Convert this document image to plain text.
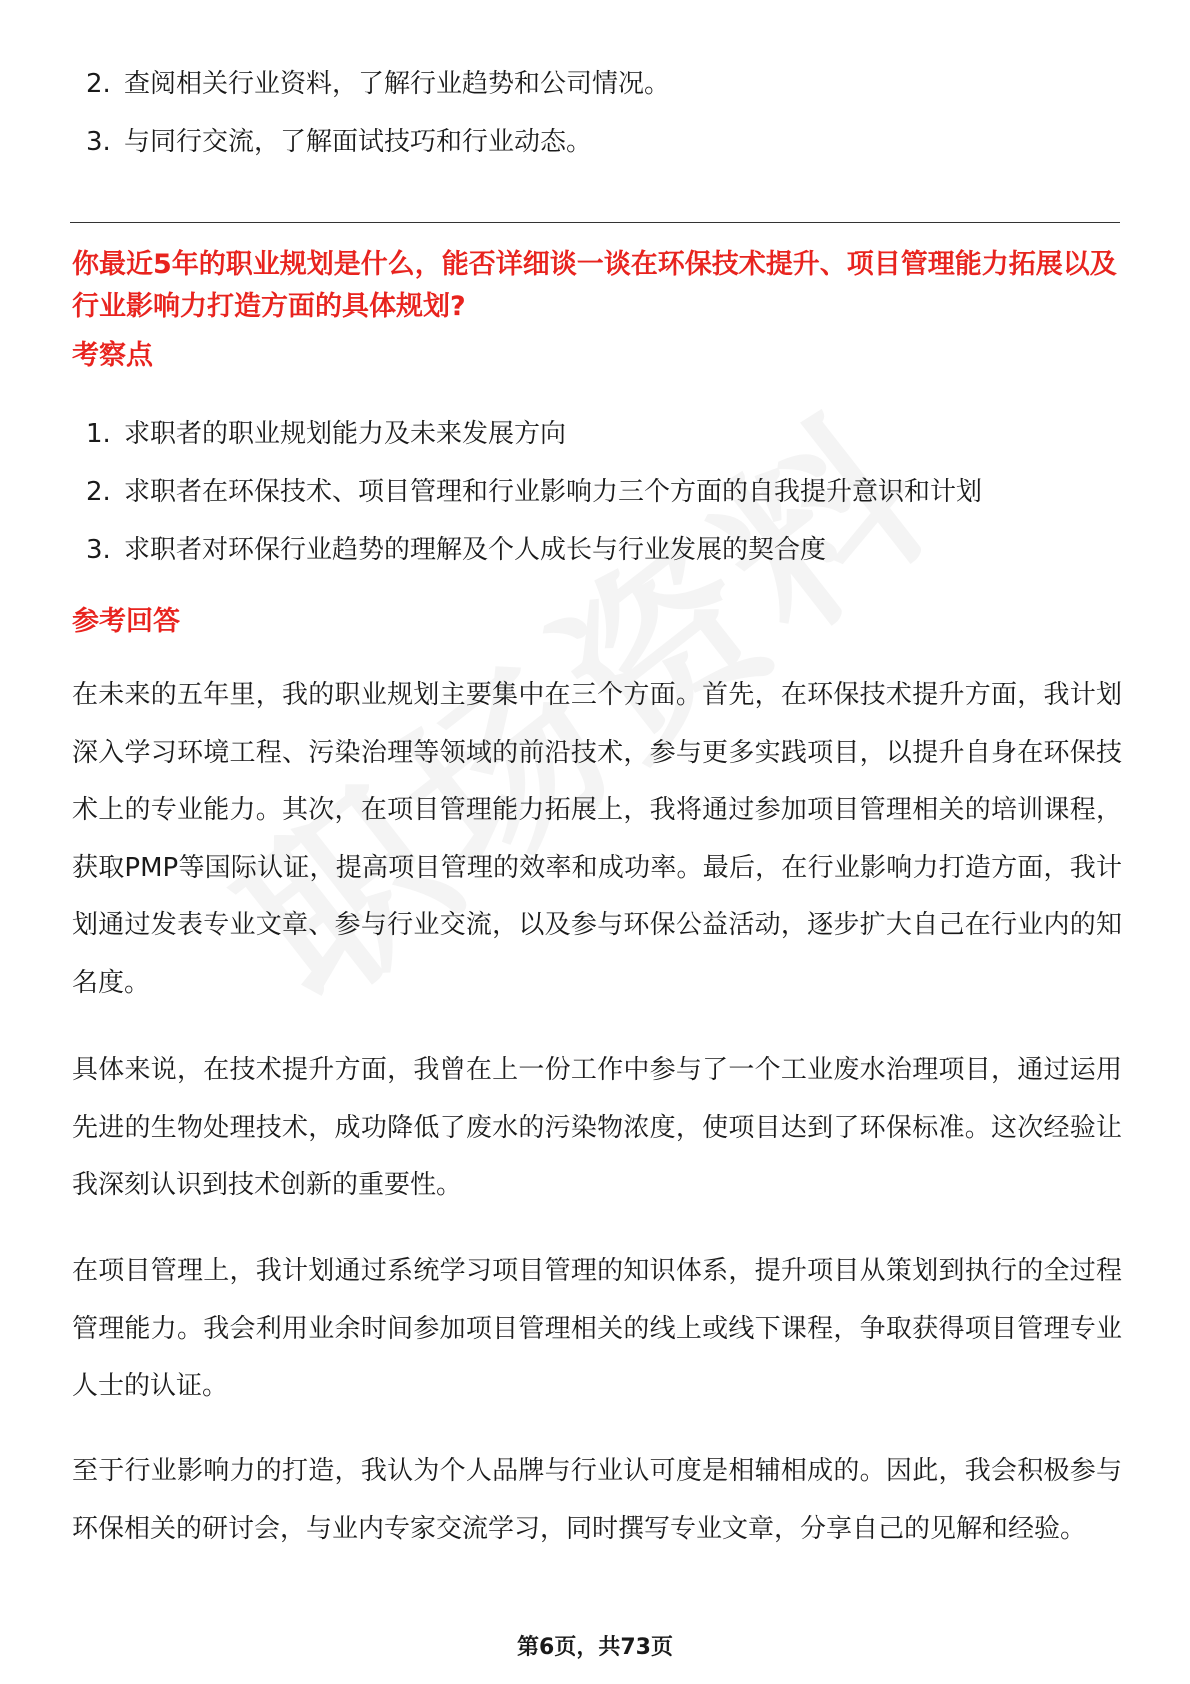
2. 查阅相关行业资料，了解行业趋势和公司情况。
3. 与同行交流，了解面试技巧和行业动态。

你最近5年的职业规划是什么，能否详细谈一谈在环保技术提升、项目管理能力拓展以及行业影响力打造方面的具体规划?

考察点
1. 求职者的职业规划能力及未来发展方向
2. 求职者在环保技术、项目管理和行业影响力三个方面的自我提升意识和计划
3. 求职者对环保行业趋势的理解及个人成长与行业发展的契合度
参考回答

在未来的五年里，我的职业规划主要集中在三个方面。首先，在环保技术提升方面，我计划深入学习环境工程、污染治理等领域的前沿技术，参与更多实践项目，以提升自身在环保技术上的专业能力。其次，在项目管理能力拓展上，我将通过参加项目管理相关的培训课程，获取PMP等国际认证，提高项目管理的效率和成功率。最后，在行业影响力打造方面，我计划通过发表专业文章、参与行业交流，以及参与环保公益活动，逐步扩大自己在行业内的知名度。

具体来说，在技术提升方面，我曾在上一份工作中参与了一个工业废水治理项目，通过运用先进的生物处理技术，成功降低了废水的污染物浓度，使项目达到了环保标准。这次经验让我深刻认识到技术创新的重要性。

在项目管理上，我计划通过系统学习项目管理的知识体系，提升项目从策划到执行的全过程管理能力。我会利用业余时间参加项目管理相关的线上或线下课程，争取获得项目管理专业人士的认证。

至于行业影响力的打造，我认为个人品牌与行业认可度是相辅相成的。因此，我会积极参与环保相关的研讨会，与业内专家交流学习，同时撰写专业文章，分享自己的见解和经验。

第6页，共73页
